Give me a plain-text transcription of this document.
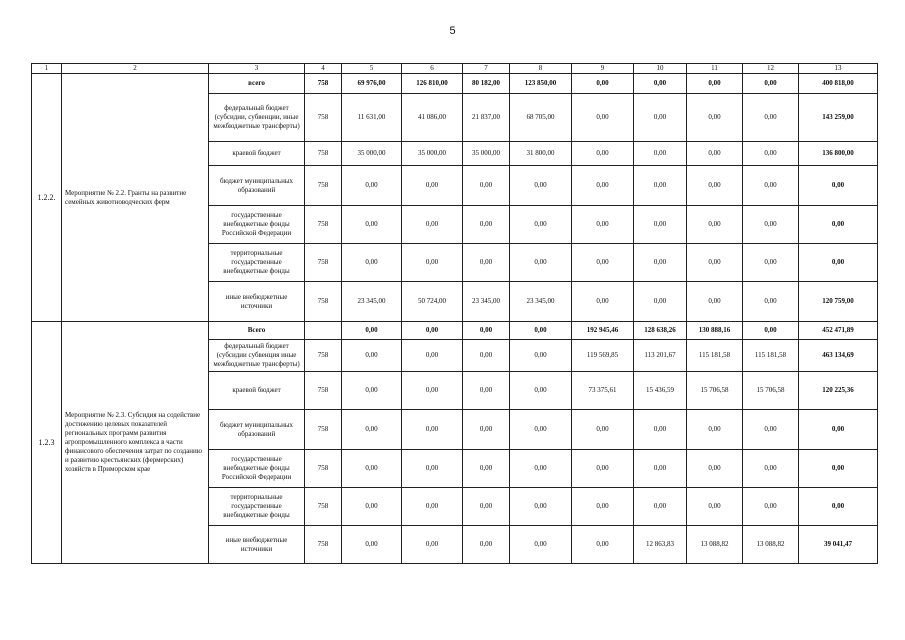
5
1	2	3	4	5	6	7	8	9	10	11	12	13
1.2.2.	Мероприятие № 2.2. Гранты на развитие семейных животноводческих ферм	всего	758	69 976,00	126 810,00	80 182,00	123 850,00	0,00	0,00	0,00	0,00	400 818,00
		федеральный бюджет (субсидии, субвенции, иные межбюджетные трансферты)	758	11 631,00	41 086,00	21 837,00	68 705,00	0,00	0,00	0,00	0,00	143 259,00
		краевой бюджет	758	35 000,00	35 000,00	35 000,00	31 800,00	0,00	0,00	0,00	0,00	136 800,00
		бюджет муниципальных образований	758	0,00	0,00	0,00	0,00	0,00	0,00	0,00	0,00	0,00
		государственные внебюджетные фонды Российской Федерации	758	0,00	0,00	0,00	0,00	0,00	0,00	0,00	0,00	0,00
		территориальные государственные внебюджетные фонды	758	0,00	0,00	0,00	0,00	0,00	0,00	0,00	0,00	0,00
		иные внебюджетные источники	758	23 345,00	50 724,00	23 345,00	23 345,00	0,00	0,00	0,00	0,00	120 759,00
1.2.3	Мероприятие № 2.3. Субсидия на содействие достижению целевых показателей региональных программ развития агропромышленного комплекса в части финансового обеспечения затрат по созданию и развитию крестьянских (фермерских) хозяйств в Приморском крае	Всего		0,00	0,00	0,00	0,00	192 945,46	128 638,26	130 888,16	0,00	452 471,89
		федеральный бюджет (субсидии субвенция иные межбюджетные трансферты)	758	0,00	0,00	0,00	0,00	119 569,85	113 201,67	115 181,58	115 181,58	463 134,69
		краевой бюджет	758	0,00	0,00	0,00	0,00	73 375,61	15 436,59	15 706,58	15 706,58	120 225,36
		бюджет муниципальных образований	758	0,00	0,00	0,00	0,00	0,00	0,00	0,00	0,00	0,00
		государственные внебюджетные фонды Российской Федерации	758	0,00	0,00	0,00	0,00	0,00	0,00	0,00	0,00	0,00
		территориальные государственные внебюджетные фонды	758	0,00	0,00	0,00	0,00	0,00	0,00	0,00	0,00	0,00
		иные внебюджетные источники	758	0,00	0,00	0,00	0,00	0,00	12 863,83	13 088,82	13 088,82	39 041,47
